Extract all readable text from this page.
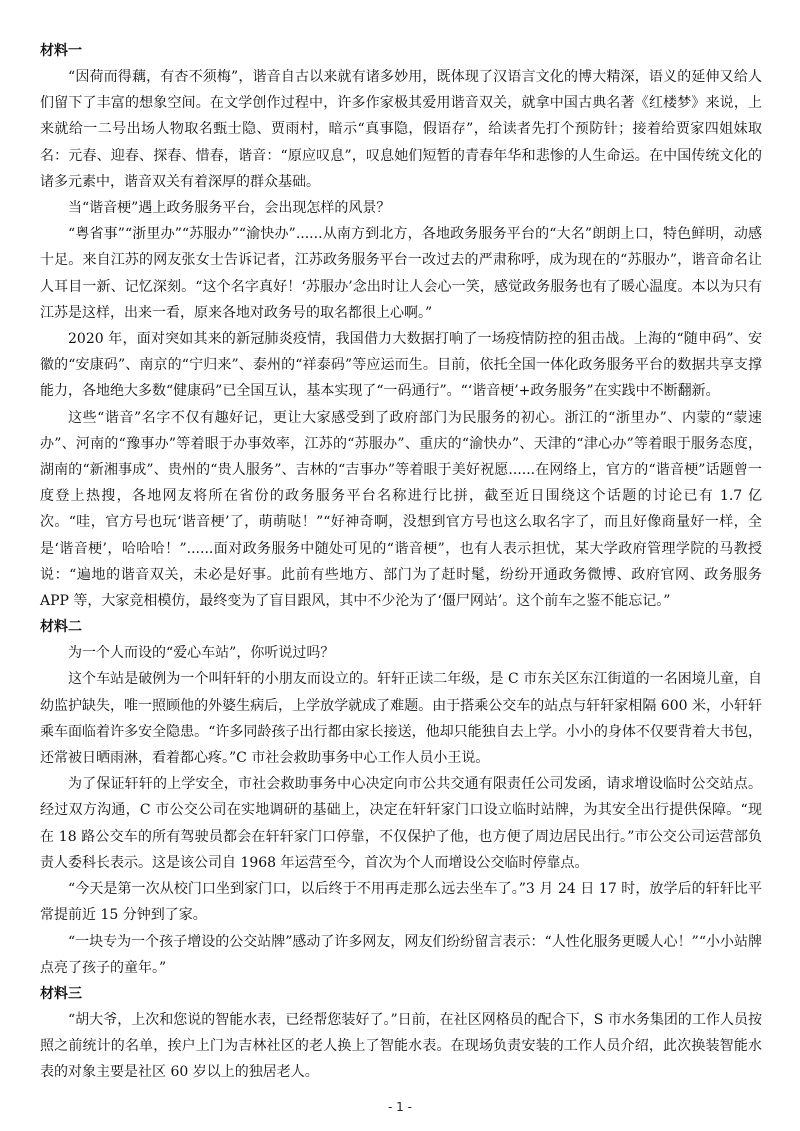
材料一

“因荷而得藕，有杏不须梅”，谐音自古以来就有诸多妙用，既体现了汉语言文化的博大精深，语义的延伸又给人们留下了丰富的想象空间。在文学创作过程中，许多作家极其爱用谐音双关，就拿中国古典名著《红楼梦》来说，上来就给一二号出场人物取名甄士隐、贾雨村，暗示“真事隐，假语存”，给读者先打个预防针；接着给贾家四姐妹取名：元春、迎春、探春、惜春，谐音：“原应叹息”，叹息她们短暂的青春年华和悲惨的人生命运。在中国传统文化的诸多元素中，谐音双关有着深厚的群众基础。

当“谐音梗”遇上政务服务平台，会出现怎样的风景？

“粤省事”“浙里办”“苏服办”“渝快办”......从南方到北方，各地政务服务平台的“大名”朗朗上口，特色鲜明，动感十足。来自江苏的网友张女士告诉记者，江苏政务服务平台一改过去的严肃称呼，成为现在的“苏服办”，谐音命名让人耳目一新、记忆深刻。“这个名字真好！‘苏服办’念出时让人会心一笑，感觉政务服务也有了暖心温度。本以为只有江苏是这样，出来一看，原来各地对政务号的取名都很上心啊。”

2020 年，面对突如其来的新冠肺炎疫情，我国借力大数据打响了一场疫情防控的狙击战。上海的“随申码”、安徽的“安康码”、南京的“宁归来”、泰州的“祥泰码”等应运而生。目前，依托全国一体化政务服务平台的数据共享支撑能力，各地绝大多数“健康码”已全国互认，基本实现了“一码通行”。“‘谐音梗’+政务服务”在实践中不断翻新。

这些“谐音”名字不仅有趣好记，更让大家感受到了政府部门为民服务的初心。浙江的“浙里办”、内蒙的“蒙速办”、河南的“豫事办”等着眼于办事效率，江苏的“苏服办”、重庆的“渝快办”、天津的“津心办”等着眼于服务态度，湖南的“新湘事成”、贵州的“贵人服务”、吉林的“吉事办”等着眼于美好祝愿......在网络上，官方的“谐音梗”话题曾一度登上热搜，各地网友将所在省份的政务服务平台名称进行比拼，截至近日围绕这个话题的讨论已有 1.7 亿次。“哇，官方号也玩‘谐音梗’了，萌萌哒！”“好神奇啊，没想到官方号也这么取名字了，而且好像商量好一样，全是‘谐音梗’，哈哈哈！”......面对政务服务中随处可见的“谐音梗”，也有人表示担忧，某大学政府管理学院的马教授说：“遍地的谐音双关，未必是好事。此前有些地方、部门为了赶时髦，纷纷开通政务微博、政府官网、政务服务 APP 等，大家竞相模仿，最终变为了盲目跟风，其中不少沦为了‘僵尸网站’。这个前车之鉴不能忘记。”

材料二

为一个人而设的“爱心车站”，你听说过吗？

这个车站是破例为一个叫轩轩的小朋友而设立的。轩轩正读二年级，是 C 市东关区东江街道的一名困境儿童，自幼监护缺失，唯一照顾他的外婆生病后，上学放学就成了难题。由于搭乘公交车的站点与轩轩家相隔 600 米，小轩轩乘车面临着许多安全隐患。“许多同龄孩子出行都由家长接送，他却只能独自去上学。小小的身体不仅要背着大书包，还常被日晒雨淋，看着都心疼。”C 市社会救助事务中心工作人员小王说。

为了保证轩轩的上学安全，市社会救助事务中心决定向市公共交通有限责任公司发函，请求增设临时公交站点。经过双方沟通，C 市公交公司在实地调研的基础上，决定在轩轩家门口设立临时站牌，为其安全出行提供保障。“现在 18 路公交车的所有驾驶员都会在轩轩家门口停靠，不仅保护了他，也方便了周边居民出行。”市公交公司运营部负责人委科长表示。这是该公司自 1968 年运营至今，首次为个人而增设公交临时停靠点。

“今天是第一次从校门口坐到家门口，以后终于不用再走那么远去坐车了。”3 月 24 日 17 时，放学后的轩轩比平常提前近 15 分钟到了家。

“一块专为一个孩子增设的公交站牌”感动了许多网友，网友们纷纷留言表示：“人性化服务更暖人心！”“小小站牌点亮了孩子的童年。”

材料三

“胡大爷，上次和您说的智能水表，已经帮您装好了。”日前，在社区网格员的配合下，S 市水务集团的工作人员按照之前统计的名单，挨户上门为吉林社区的老人换上了智能水表。在现场负责安装的工作人员介绍，此次换装智能水表的对象主要是社区 60 岁以上的独居老人。

- 1 -
